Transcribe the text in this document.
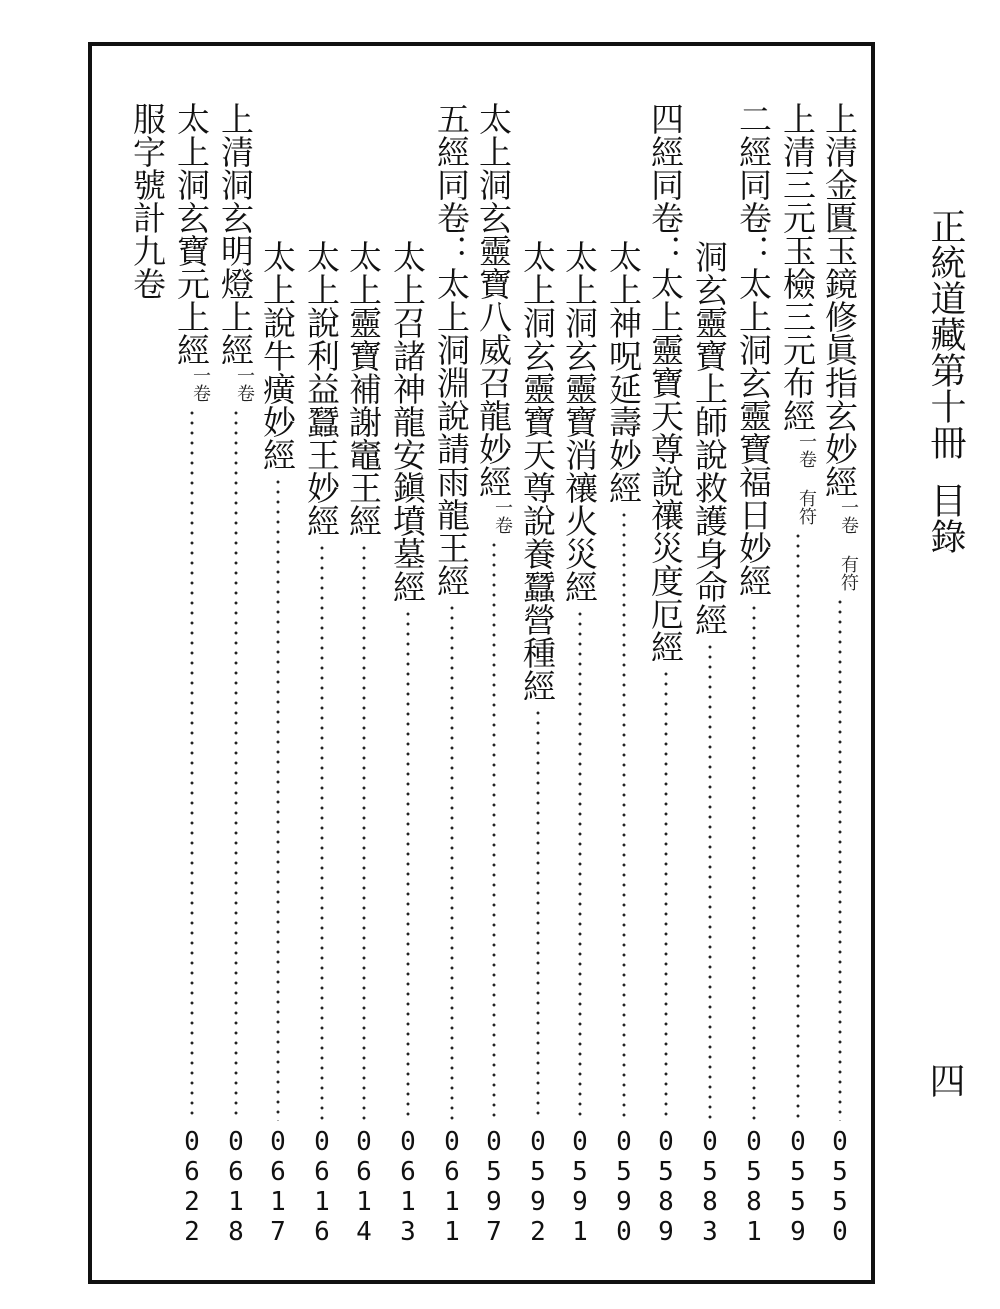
正統道藏第十冊目錄
四
上清金匱玉鏡修眞指玄妙經
一卷 有符
0550
上清三元玉檢三元布經
一卷 有符
0559
二經同卷：太上洞玄靈寶福日妙經
0581
洞玄靈寶上師說救護身命經
0583
四經同卷：太上靈寶天尊說禳災度厄經
0589
太上神呪延壽妙經
0590
太上洞玄靈寶消禳火災經
0591
太上洞玄靈寶天尊說養蠶營種經
0592
太上洞玄靈寶八威召龍妙經
一卷
0597
五經同卷：太上洞淵說請雨龍王經
0611
太上召諸神龍安鎭墳墓經
0613
太上靈寶補謝竈王經
0614
太上說利益蠶王妙經
0616
太上說牛癀妙經
0617
上清洞玄明燈上經
一卷
0618
太上洞玄寶元上經
一卷
0622
服字號計九卷
